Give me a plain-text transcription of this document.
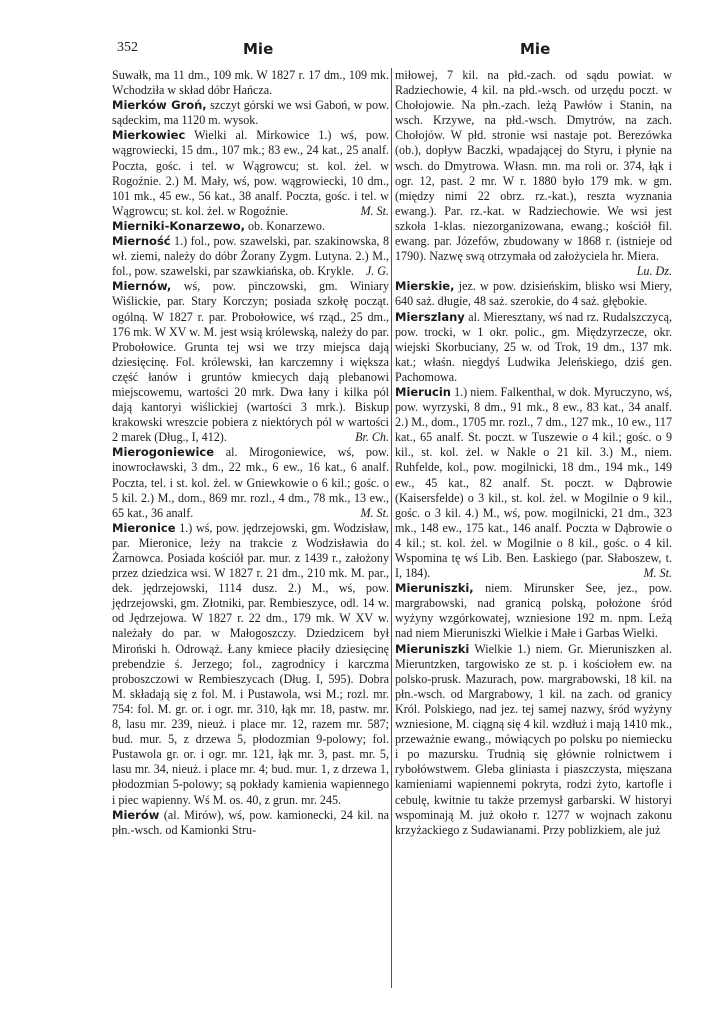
352	Mie	Mie

Suwałk, ma 11 dm., 109 mk. W 1827 r. 17 dm., 109 mk. Wchodziła w skład dóbr Hańcza.

Mierków Groń, szczyt górski we wsi Gaboń, w pow. sądeckim, ma 1120 m. wysok.

Mierkowiec Wielki al. Mirkowice 1.) wś, pow. wągrowiecki, 15 dm., 107 mk.; 83 ew., 24 kat., 25 analf. Poczta, gośc. i tel. w Wągrowcu; st. kol. żel. w Rogoźnie. 2.) M. Mały, wś, pow. wągrowiecki, 10 dm., 101 mk., 45 ew., 56 kat., 38 analf. Poczta, gośc. i tel. w Wągrowcu; st. kol. żel. w Rogoźnie.	M. St.

Mierniki-Konarzewo, ob. Konarzewo.

Mierność 1.) fol., pow. szawelski, par. szakinowska, 8 wł. ziemi, należy do dóbr Żorany Zygm. Lutyna. 2.) M., fol., pow. szawelski, par szawkiańska, ob. Krykle. J. G.

Miernów, wś, pow. pinczowski, gm. Winiary Wiślickie, par. Stary Korczyn; posiada szkołę począt. ogólną. W 1827 r. par. Probołowice, wś rząd., 25 dm., 176 mk. W XV w. M. jest wsią królewską, należy do par. Probołowice. Grunta tej wsi we trzy miejsca dają dziesięcinę. Fol. królewski, łan karczemny i większa część łanów i gruntów kmiecych dają plebanowi miejscowemu, wartości 20 mrk. Dwa łany i kilka pól dają kantoryi wiślickiej (wartości 3 mrk.). Biskup krakowski wreszcie pobiera z niektórych pól w wartości 2 marek (Dług., I, 412).	Br. Ch.

Mierogoniewice al. Mirogoniewice, wś, pow. inowrocławski, 3 dm., 22 mk., 6 ew., 16 kat., 6 analf. Poczta, tel. i st. kol. żel. w Gniewkowie o 6 kil.; gośc. o 5 kil. 2.) M., dom., 869 mr. rozl., 4 dm., 78 mk., 13 ew., 65 kat., 36 analf.	M. St.

Mieronice 1.) wś, pow. jędrzejowski, gm. Wodzisław, par. Mieronice, leży na trakcie z Wodzisławia do Żarnowca. Posiada kościół par. mur. z 1439 r., założony przez dziedzica wsi. W 1827 r. 21 dm., 210 mk. M. par., dek. jędrzejowski, 1114 dusz. 2.) M., wś, pow. jędrzejowski, gm. Złotniki, par. Rembieszyce, odl. 14 w. od Jędrzejowa. W 1827 r. 22 dm., 179 mk. W XV w. należały do par. w Małogoszczy. Dziedzicem był Miroński h. Odrowąż. Łany kmiece płaciły dziesięcinę prebendzie ś. Jerzego; fol., zagrodnicy i karczma proboszczowi w Rembieszycach (Dług. I, 595). Dobra M. składają się z fol. M. i Pustawola, wsi M.; rozl. mr. 754: fol. M. gr. or. i ogr. mr. 310, łąk mr. 18, pastw. mr. 8, lasu mr. 239, nieuż. i place mr. 12, razem mr. 587; bud. mur. 5, z drzewa 5, płodozmian 9-polowy; fol. Pustawola gr. or. i ogr. mr. 121, łąk mr. 3, past. mr. 5, lasu mr. 34, nieuż. i place mr. 4; bud. mur. 1, z drzewa 1, płodozmian 5-polowy; są pokłady kamienia wapiennego i piec wapienny. Wś M. os. 40, z grun. mr. 245.

Mierów (al. Mirów), wś, pow. kamionecki, 24 kil. na płn.-wsch. od Kamionki Stru-

miłowej, 7 kil. na płd.-zach. od sądu powiat. w Radziechowie, 4 kil. na płd.-wsch. od urzędu poczt. w Chołojowie. Na płn.-zach. leżą Pawłów i Stanin, na wsch. Krzywe, na płd.-wsch. Dmytrów, na zach. Chołojów. W płd. stronie wsi nastaje pot. Berezówka (ob.), dopływ Baczki, wpadającej do Styru, i płynie na wsch. do Dmytrowa. Własn. mn. ma roli or. 374, łąk i ogr. 12, past. 2 mr. W r. 1880 było 179 mk. w gm. (między nimi 22 obrz. rz.-kat.), reszta wyznania ewang.). Par. rz.-kat. w Radziechowie. We wsi jest szkoła 1-klas. niezorganizowana, ewang.; kościół fil. ewang. par. Józefów, zbudowany w 1868 r. (istnieje od 1790). Nazwę swą otrzymała od założyciela hr. Miera.

Lu. Dz.

Mierskie, jez. w pow. dzisieńskim, blisko wsi Miery, 640 saż. długie, 48 saż. szerokie, do 4 saż. głębokie.

Mierszlany al. Mieresztany, wś nad rz. Rudalszczycą, pow. trocki, w 1 okr. polic., gm. Międzyrzecze, okr. wiejski Skorbuciany, 25 w. od Trok, 19 dm., 137 mk. kat.; właśn. niegdyś Ludwika Jeleńskiego, dziś gen. Pachomowa.

Mierucin 1.) niem. Falkenthal, w dok. Myruczyno, wś, pow. wyrzyski, 8 dm., 91 mk., 8 ew., 83 kat., 34 analf. 2.) M., dom., 1705 mr. rozl., 7 dm., 127 mk., 10 ew., 117 kat., 65 analf. St. poczt. w Tuszewie o 4 kil.; gośc. o 9 kil., st. kol. żel. w Nakle o 21 kil. 3.) M., niem. Ruhfelde, kol., pow. mogilnicki, 18 dm., 194 mk., 149 ew., 45 kat., 82 analf. St. poczt. w Dąbrowie (Kaisersfelde) o 3 kil., st. kol. żel. w Mogilnie o 9 kil., gośc. o 3 kil. 4.) M., wś, pow. mogilnicki, 21 dm., 323 mk., 148 ew., 175 kat., 146 analf. Poczta w Dąbrowie o 4 kil.; st. kol. żel. w Mogilnie o 8 kil., gośc. o 4 kil. Wspomina tę wś Lib. Ben. Łaskiego (par. Słaboszew, t. I, 184).	M. St.

Mieruniszki, niem. Mirunsker See, jez., pow. margrabowski, nad granicą polską, położone śród wyżyny wzgórkowatej, wzniesione 192 m. npm. Leżą nad niem Mieruniszki Wielkie i Małe i Garbas Wielki.

Mieruniszki Wielkie 1.) niem. Gr. Mieruniszken al. Mieruntzken, targowisko ze st. p. i kościołem ew. na polsko-prusk. Mazurach, pow. margrabowski, 18 kil. na płn.-wsch. od Margrabowy, 1 kil. na zach. od granicy Król. Polskiego, nad jez. tej samej nazwy, śród wyżyny wzniesione, M. ciągną się 4 kil. wzdłuż i mają 1410 mk., przeważnie ewang., mówiących po polsku po niemiecku i po mazursku. Trudnią się głównie rolnictwem i rybołówstwem. Gleba gliniasta i piaszczysta, mięszana kamieniami wapiennemi pokryta, rodzi żyto, kartofle i cebulę, kwitnie tu także przemysł garbarski. W historyi wspominają M. już około r. 1277 w wojnach zakonu krzyżackiego z Sudawianami. Przy poblizkiem, ale już
